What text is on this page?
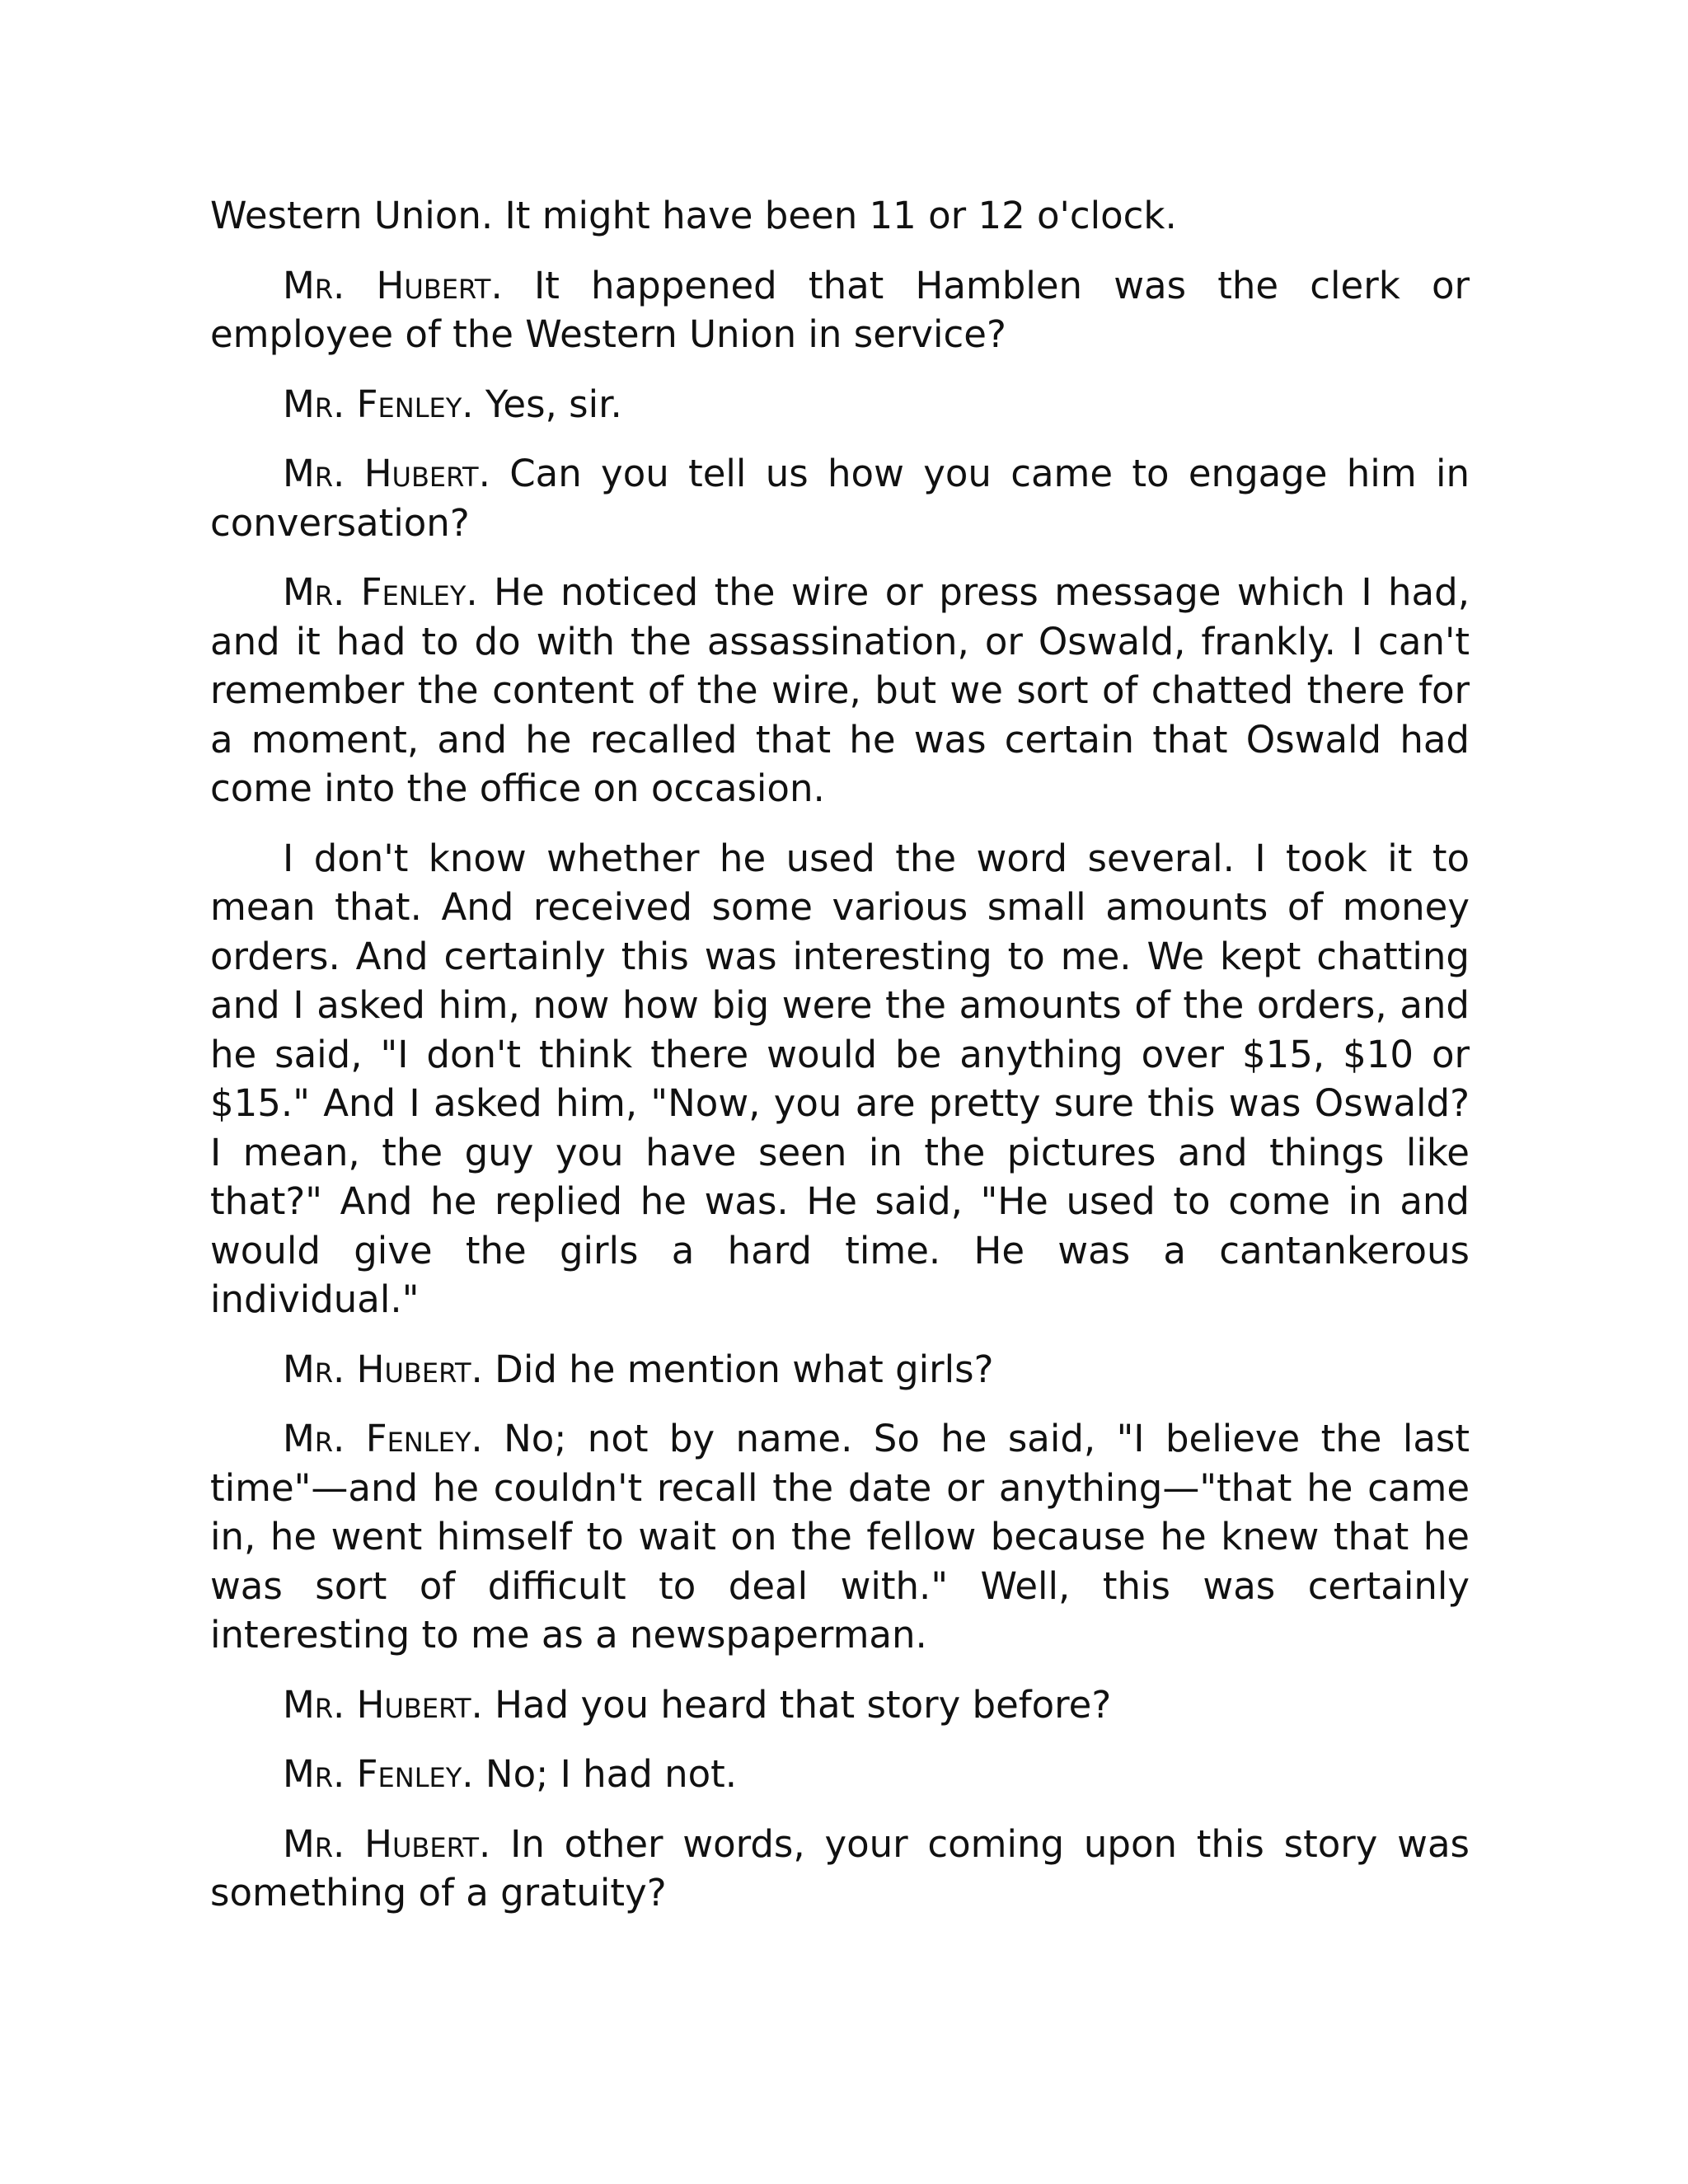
Western Union. It might have been 11 or 12 o'clock.

Mr. Hubert. It happened that Hamblen was the clerk or employee of the Western Union in service?

Mr. Fenley. Yes, sir.

Mr. Hubert. Can you tell us how you came to engage him in conversation?

Mr. Fenley. He noticed the wire or press message which I had, and it had to do with the assassination, or Oswald, frankly. I can't remember the content of the wire, but we sort of chatted there for a moment, and he recalled that he was certain that Oswald had come into the office on occasion.

I don't know whether he used the word several. I took it to mean that. And received some various small amounts of money orders. And certainly this was interesting to me. We kept chatting and I asked him, now how big were the amounts of the orders, and he said, "I don't think there would be anything over $15, $10 or $15." And I asked him, "Now, you are pretty sure this was Oswald? I mean, the guy you have seen in the pictures and things like that?" And he replied he was. He said, "He used to come in and would give the girls a hard time. He was a cantankerous individual."

Mr. Hubert. Did he mention what girls?

Mr. Fenley. No; not by name. So he said, "I believe the last time"—and he couldn't recall the date or anything—"that he came in, he went himself to wait on the fellow because he knew that he was sort of difficult to deal with." Well, this was certainly interesting to me as a newspaperman.

Mr. Hubert. Had you heard that story before?

Mr. Fenley. No; I had not.

Mr. Hubert. In other words, your coming upon this story was something of a gratuity?
